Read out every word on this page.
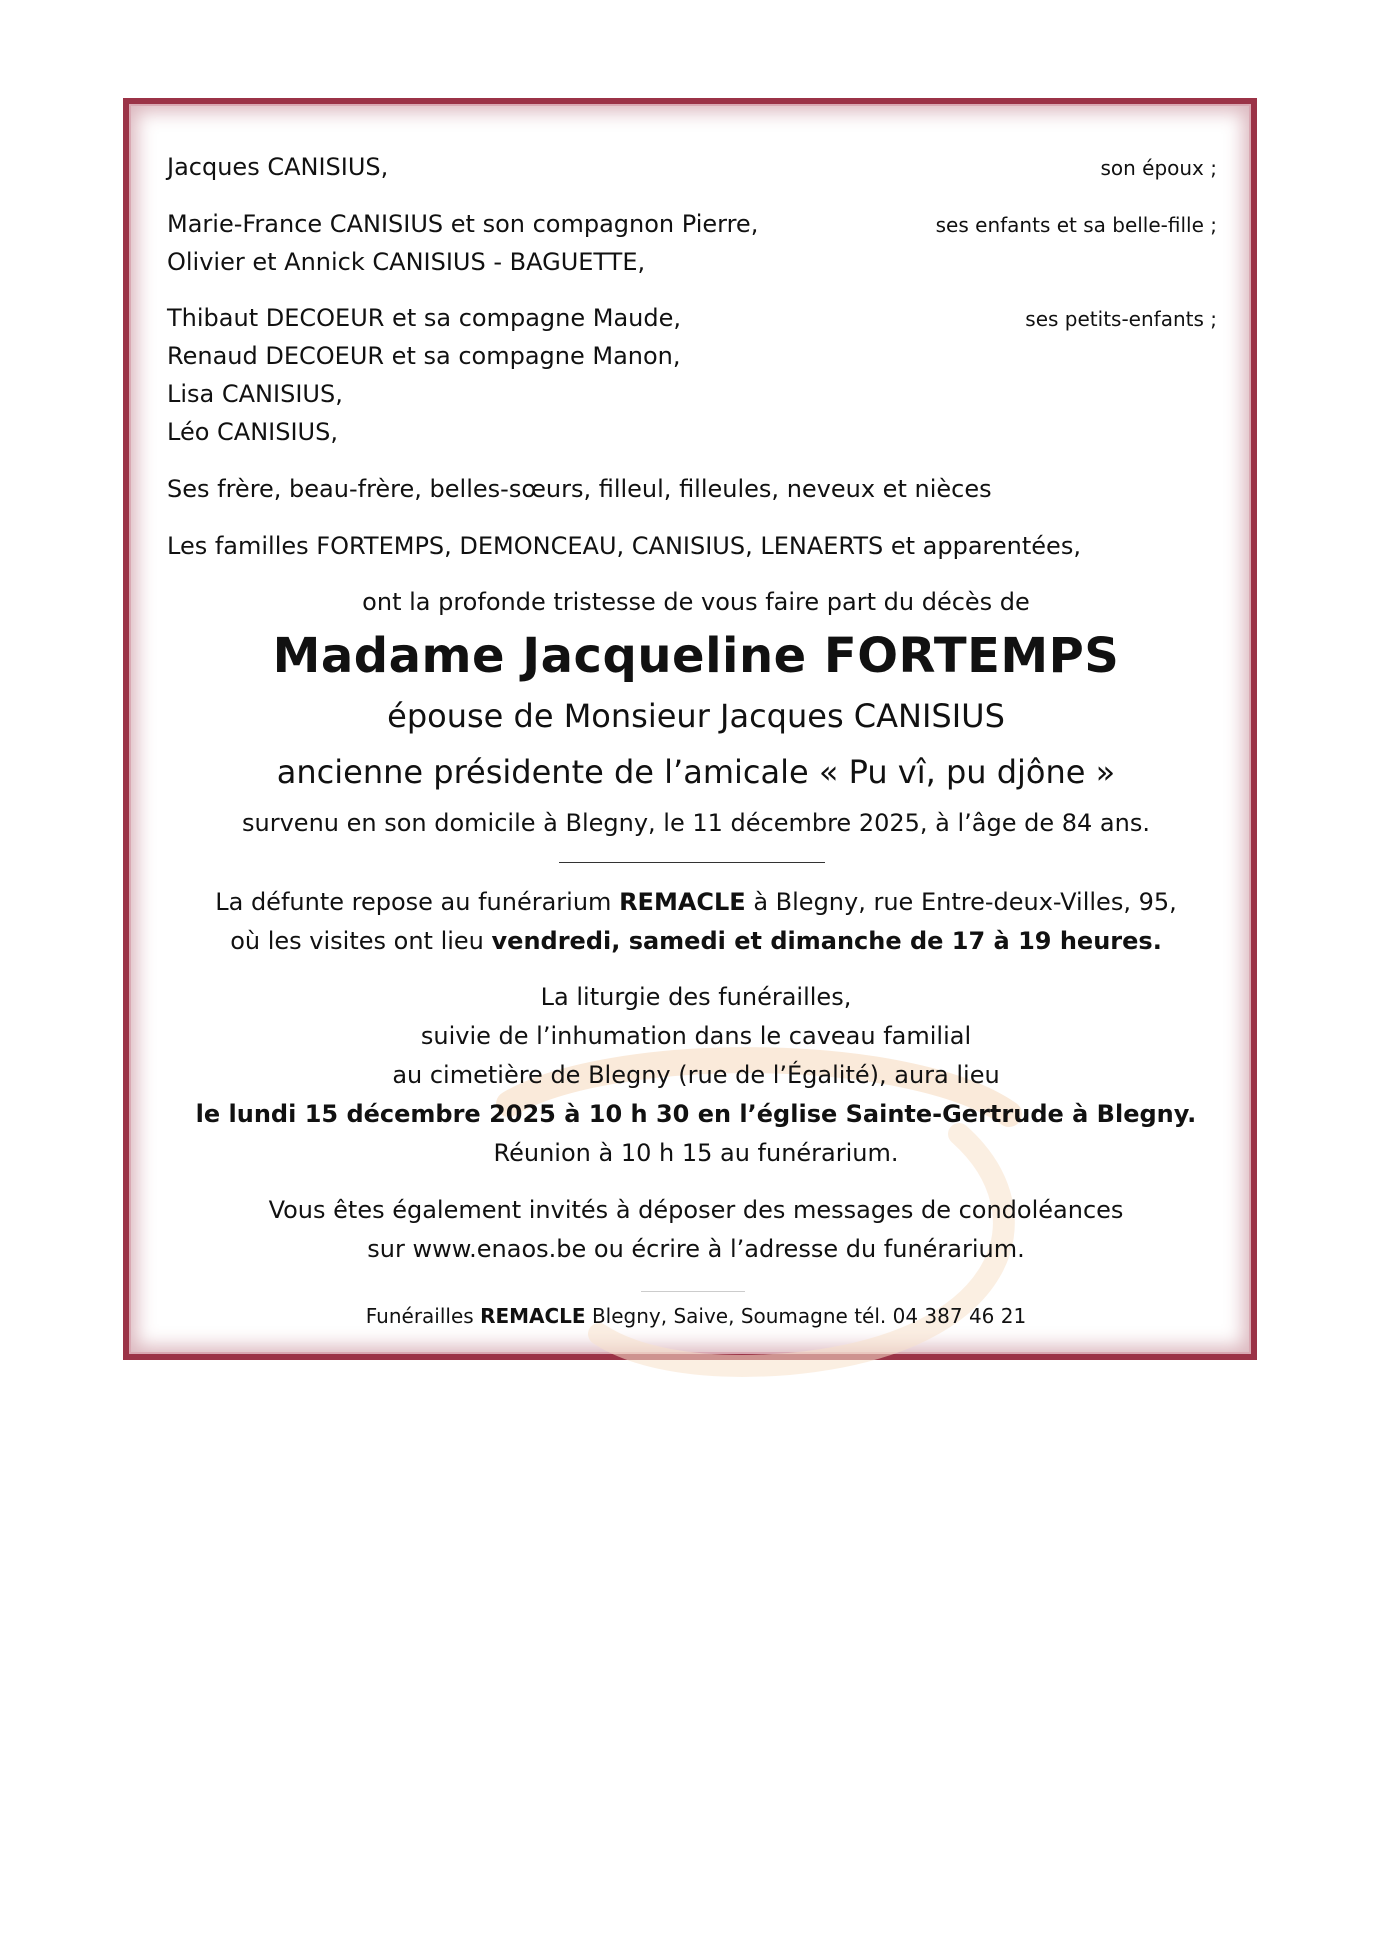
Jacques CANISIUS,	son époux ;
Marie-France CANISIUS et son compagnon Pierre,
Olivier et Annick CANISIUS - BAGUETTE,
ses enfants et sa belle-fille ;
Thibaut DECOEUR et sa compagne Maude,
Renaud DECOEUR et sa compagne Manon,
Lisa CANISIUS,
Léo CANISIUS,
ses petits-enfants ;
Ses frère, beau-frère, belles-sœurs, filleul, filleules, neveux et nièces
Les familles FORTEMPS, DEMONCEAU, CANISIUS, LENAERTS et apparentées,
ont la profonde tristesse de vous faire part du décès de
Madame Jacqueline FORTEMPS
épouse de Monsieur Jacques CANISIUS
ancienne présidente de l’amicale « Pu vî, pu djône »
survenu en son domicile à Blegny, le 11 décembre 2025, à l’âge de 84 ans.
La défunte repose au funérarium REMACLE à Blegny, rue Entre-deux-Villes, 95,
où les visites ont lieu vendredi, samedi et dimanche de 17 à 19 heures.
La liturgie des funérailles,
suivie de l’inhumation dans le caveau familial
au cimetière de Blegny (rue de l’Égalité), aura lieu
le lundi 15 décembre 2025 à 10 h 30 en l’église Sainte-Gertrude à Blegny.
Réunion à 10 h 15 au funérarium.
Vous êtes également invités à déposer des messages de condoléances
sur www.enaos.be ou écrire à l’adresse du funérarium.
Funérailles REMACLE Blegny, Saive, Soumagne tél. 04 387 46 21
